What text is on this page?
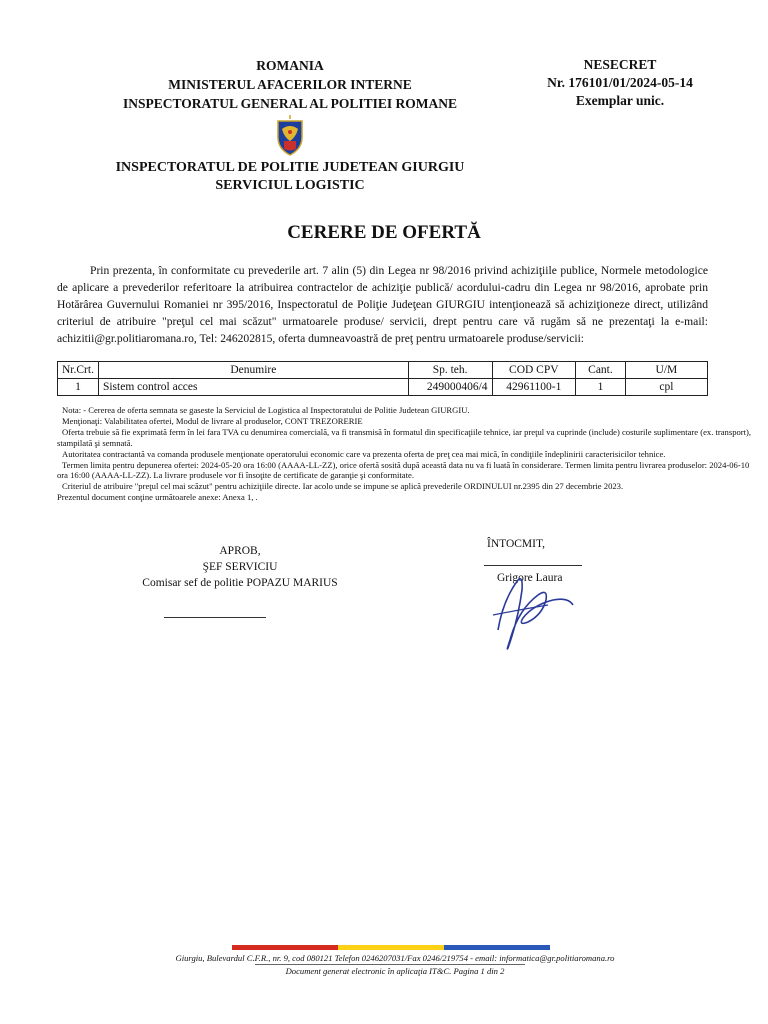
ROMANIA
MINISTERUL AFACERILOR INTERNE
INSPECTORATUL GENERAL AL POLITIEI ROMANE
NESECRET
Nr. 176101/01/2024-05-14
Exemplar unic.
INSPECTORATUL DE POLITIE JUDETEAN GIURGIU
SERVICIUL LOGISTIC
CERERE DE OFERTĂ
Prin prezenta, în conformitate cu prevederile art. 7 alin (5) din Legea nr 98/2016 privind achiziţiile publice, Normele metodologice de aplicare a prevederilor referitoare la atribuirea contractelor de achiziţie publică/ acordului-cadru din Legea nr 98/2016, aprobate prin Hotărârea Guvernului Romaniei nr 395/2016, Inspectoratul de Poliţie Judeţean GIURGIU intenţionează să achiziţioneze direct, utilizând criteriul de atribuire "preţul cel mai scăzut" urmatoarele produse/ servicii, drept pentru care vă rugăm să ne prezentaţi la e-mail: achizitii@gr.politiaromana.ro, Tel: 246202815, oferta dumneavoastră de preţ pentru urmatoarele produse/servicii:
Nr.Crt.	Denumire	Sp. teh.	COD CPV	Cant.	U/M
1	Sistem control acces	249000406/4	42961100-1	1	cpl

Nota: - Cererea de oferta semnata se gaseste la Serviciul de Logistica al Inspectoratului de Politie Judetean GIURGIU.

Menţionaţi: Valabilitatea ofertei, Modul de livrare al produselor, CONT TREZORERIE

Oferta trebuie să fie exprimată ferm în lei fara TVA cu denumirea comercială, va fi transmisă în formatul din specificaţiile tehnice, iar preţul va cuprinde (include) costurile suplimentare (ex. transport), stampilată şi semnată.

Autoritatea contractantă va comanda produsele menţionate operatorului economic care va prezenta oferta de preţ cea mai mică, în condiţiile îndeplinirii caracterisicilor tehnice.

Termen limita pentru depunerea ofertei: 2024-05-20 ora 16:00 (AAAA-LL-ZZ), orice ofertă sosită după această data nu va fi luată în considerare. Termen limita pentru livrarea produselor: 2024-06-10 ora 16:00 (AAAA-LL-ZZ). La livrare produsele vor fi însoţite de certificate de garanţie şi conformitate.

Criteriul de atribuire "preţul cel mai scăzut" pentru achiziţiile directe. Iar acolo unde se impune se aplică prevederile ORDINULUI nr.2395 din 27 decembrie 2023.

Prezentul document conţine următoarele anexe: Anexa 1, .

APROB,
ŞEF SERVICIU
Comisar sef de politie POPAZU MARIUS
ÎNTOCMIT,
Grigore Laura
Giurgiu, Bulevardul C.F.R., nr. 9, cod 080121 Telefon 0246207031/Fax 0246/219754 - email: informatica@gr.politiaromana.ro
Document generat electronic în aplicaţia IT&C. Pagina 1 din 2
